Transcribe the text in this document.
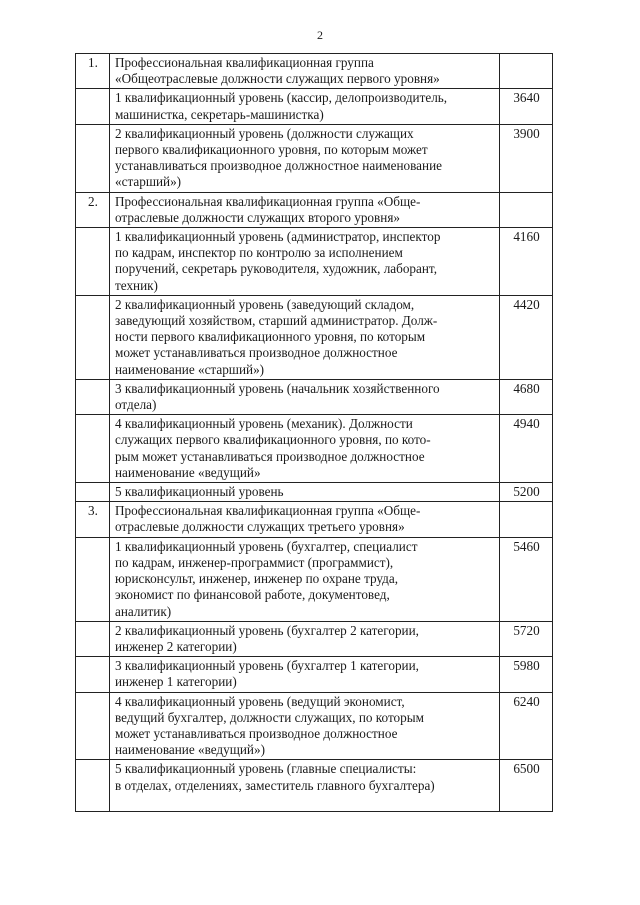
2
1.	Профессиональная квалификационная группа
«Общеотраслевые должности служащих первого уровня»	
	1 квалификационный уровень (кассир, делопроизводитель,
машинистка, секретарь-машинистка)	3640
	2 квалификационный уровень (должности служащих
первого квалификационного уровня, по которым может
устанавливаться производное должностное наименование
«старший»)	3900
2.	Профессиональная квалификационная группа «Обще-
отраслевые должности служащих второго уровня»	
	1 квалификационный уровень (администратор, инспектор
по кадрам, инспектор по контролю за исполнением
поручений, секретарь руководителя, художник, лаборант,
техник)	4160
	2 квалификационный уровень (заведующий складом,
заведующий хозяйством, старший администратор. Долж-
ности первого квалификационного уровня, по которым
может устанавливаться производное должностное
наименование «старший»)	4420
	3 квалификационный уровень (начальник хозяйственного
отдела)	4680
	4 квалификационный уровень (механик). Должности
служащих первого квалификационного уровня, по кото-
рым может устанавливаться производное должностное
наименование «ведущий»	4940
	5 квалификационный уровень	5200
3.	Профессиональная квалификационная группа «Обще-
отраслевые должности служащих третьего уровня»	
	1 квалификационный уровень (бухгалтер, специалист
по кадрам, инженер-программист (программист),
юрисконсульт, инженер, инженер по охране труда,
экономист по финансовой работе, документовед,
аналитик)	5460
	2 квалификационный уровень (бухгалтер 2 категории,
инженер 2 категории)	5720
	3 квалификационный уровень (бухгалтер 1 категории,
инженер 1 категории)	5980
	4 квалификационный уровень (ведущий экономист,
ведущий бухгалтер, должности служащих, по которым
может устанавливаться производное должностное
наименование «ведущий»)	6240
	5 квалификационный уровень (главные специалисты:
в отделах, отделениях, заместитель главного бухгалтера)	6500
